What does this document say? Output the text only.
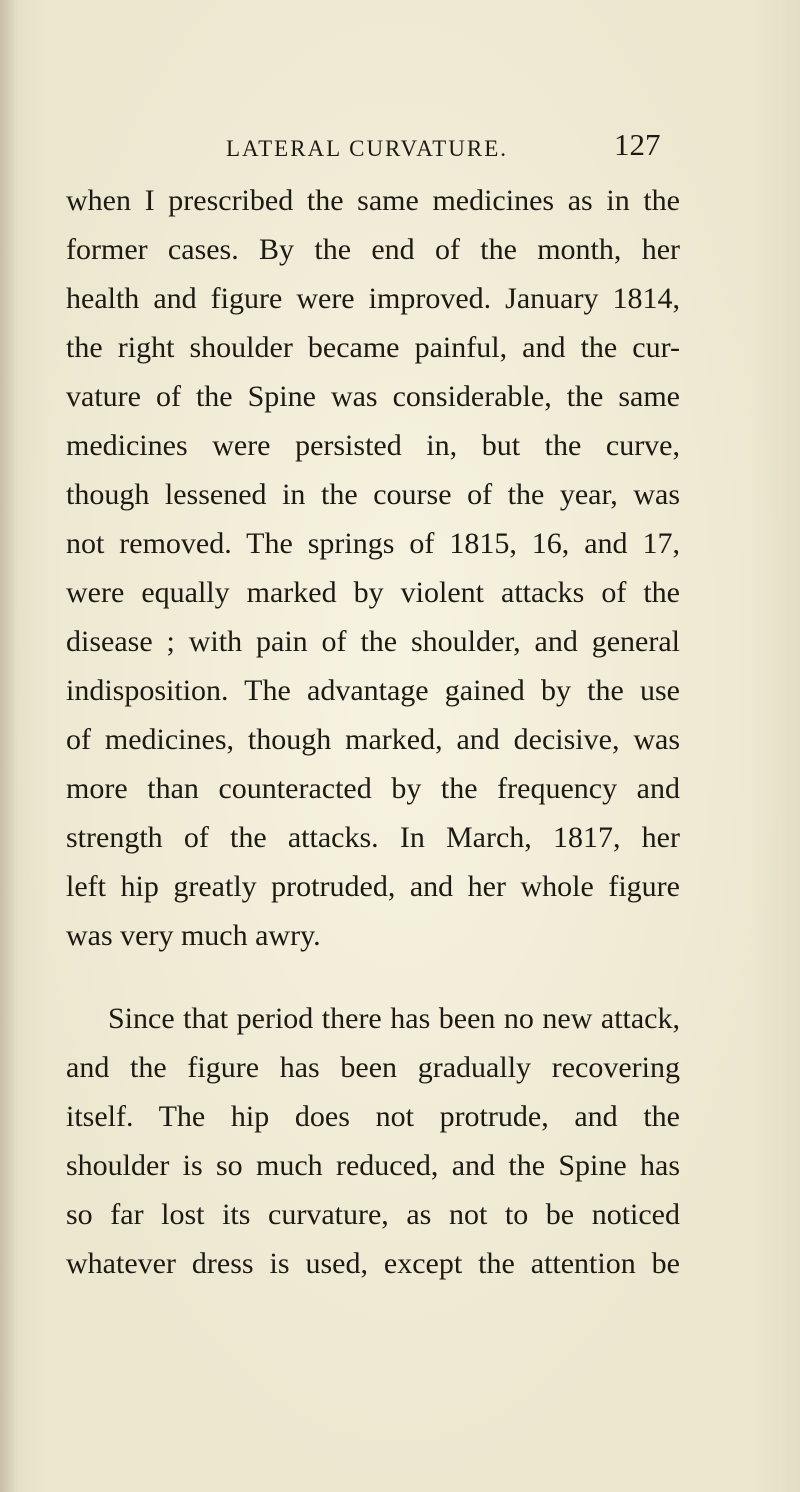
LATERAL CURVATURE.	127
when I prescribed the same medicines as in the
former cases. By the end of the month, her
health and figure were improved. January 1814,
the right shoulder became painful, and the cur-
vature of the Spine was considerable, the same
medicines were persisted in, but the curve,
though lessened in the course of the year, was
not removed. The springs of 1815, 16, and 17,
were equally marked by violent attacks of the
disease ; with pain of the shoulder, and general
indisposition. The advantage gained by the use
of medicines, though marked, and decisive, was
more than counteracted by the frequency and
strength of the attacks. In March, 1817, her
left hip greatly protruded, and her whole figure
was very much awry.
Since that period there has been no new attack,
and the figure has been gradually recovering
itself. The hip does not protrude, and the
shoulder is so much reduced, and the Spine has
so far lost its curvature, as not to be noticed
whatever dress is used, except the attention be
